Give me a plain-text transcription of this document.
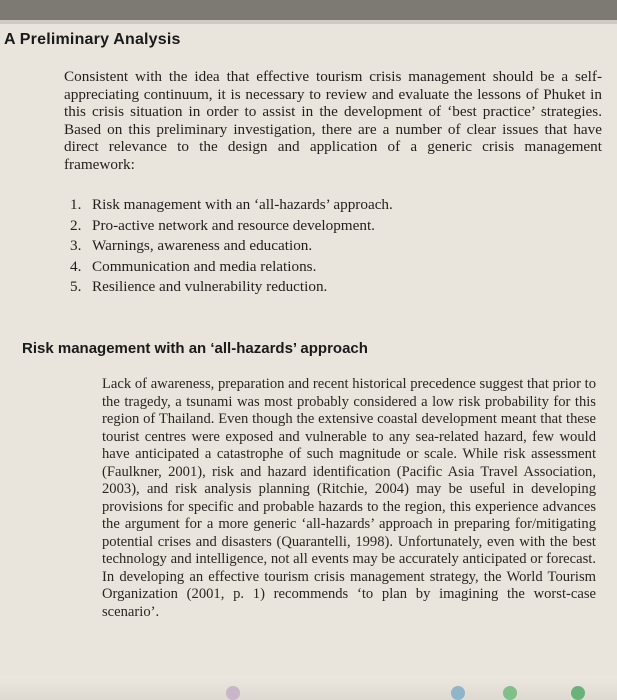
A Preliminary Analysis
Consistent with the idea that effective tourism crisis management should be a self-appreciating continuum, it is necessary to review and evaluate the lessons of Phuket in this crisis situation in order to assist in the development of ‘best practice’ strategies. Based on this preliminary investigation, there are a number of clear issues that have direct relevance to the design and application of a generic crisis management framework:
1. Risk management with an ‘all-hazards’ approach.
2. Pro-active network and resource development.
3. Warnings, awareness and education.
4. Communication and media relations.
5. Resilience and vulnerability reduction.
Risk management with an ‘all-hazards’ approach
Lack of awareness, preparation and recent historical precedence suggest that prior to the tragedy, a tsunami was most probably considered a low risk probability for this region of Thailand. Even though the extensive coastal development meant that these tourist centres were exposed and vulnerable to any sea-related hazard, few would have anticipated a catastrophe of such magnitude or scale. While risk assessment (Faulkner, 2001), risk and hazard identification (Pacific Asia Travel Association, 2003), and risk analysis planning (Ritchie, 2004) may be useful in developing provisions for specific and probable hazards to the region, this experience advances the argument for a more generic ‘all-hazards’ approach in preparing for/mitigating potential crises and disasters (Quarantelli, 1998). Unfortunately, even with the best technology and intelligence, not all events may be accurately anticipated or forecast. In developing an effective tourism crisis management strategy, the World Tourism Organization (2001, p. 1) recommends ‘to plan by imagining the worst-case scenario’.
